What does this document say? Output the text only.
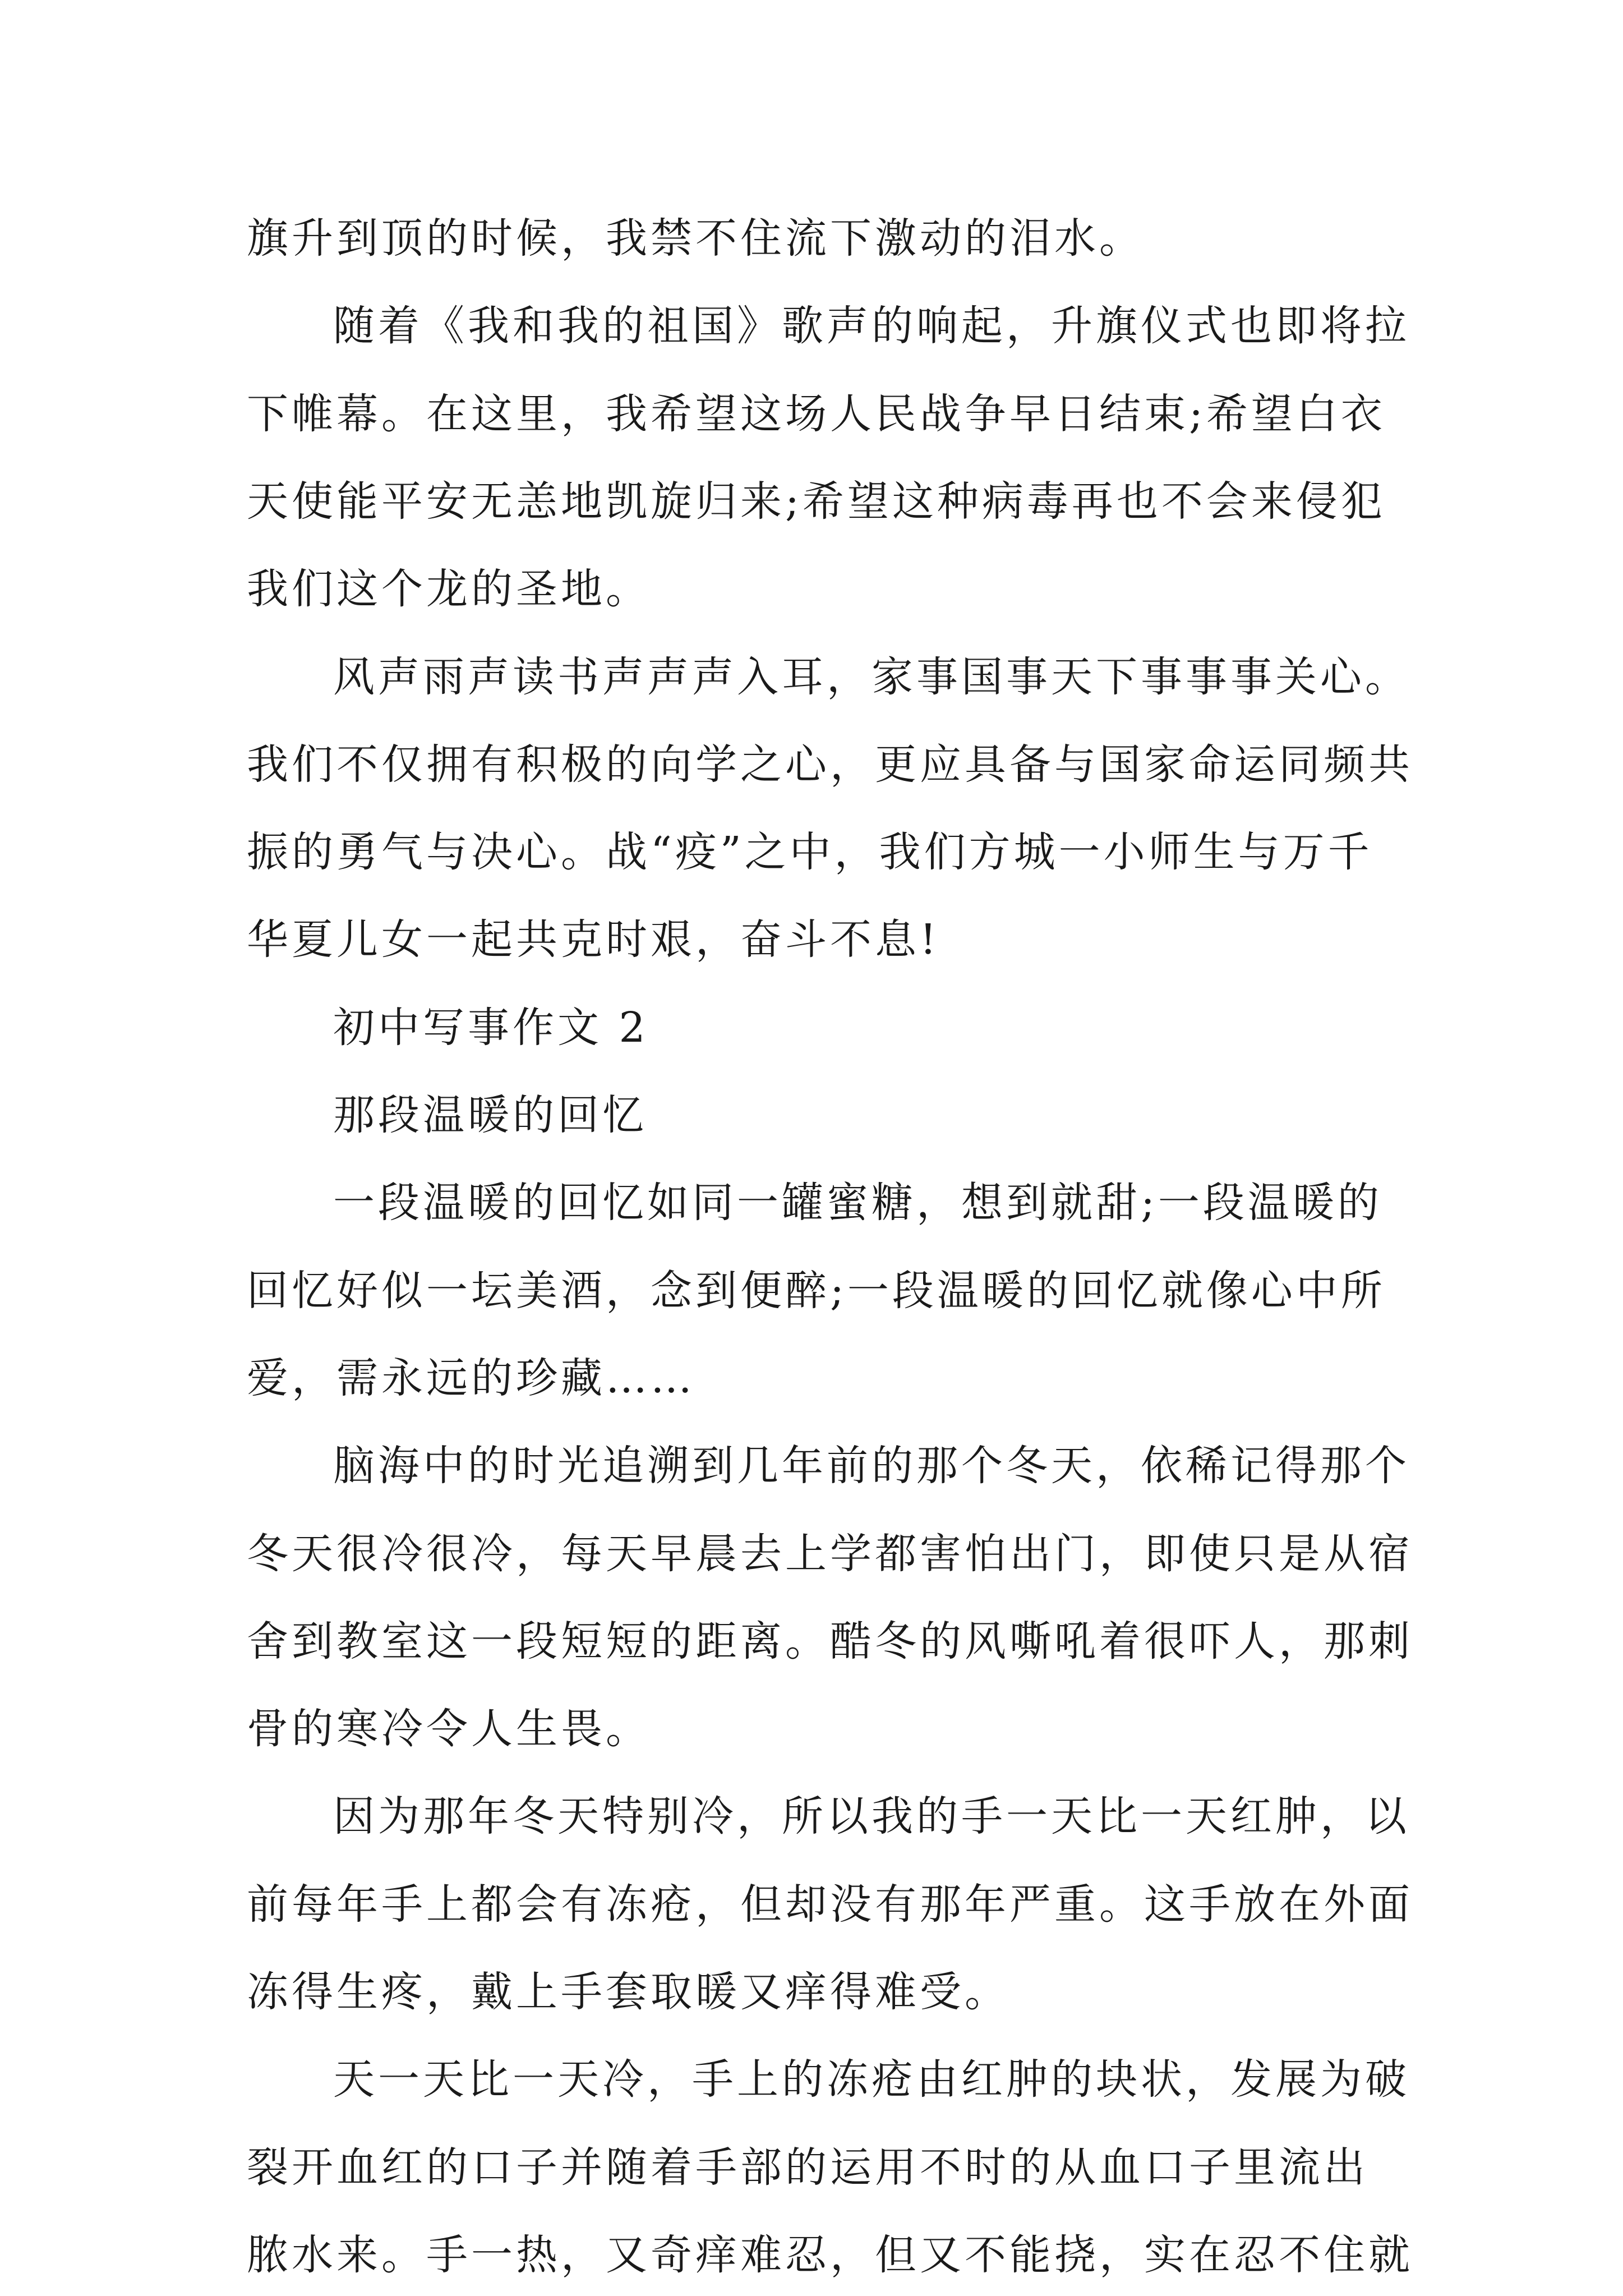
旗升到顶的时候，我禁不住流下激动的泪水。

随着《我和我的祖国》歌声的响起，升旗仪式也即将拉

下帷幕。在这里，我希望这场人民战争早日结束;希望白衣

天使能平安无恙地凯旋归来;希望这种病毒再也不会来侵犯

我们这个龙的圣地。

风声雨声读书声声声入耳，家事国事天下事事事关心。

我们不仅拥有积极的向学之心，更应具备与国家命运同频共

振的勇气与决心。战“疫”之中，我们方城一小师生与万千

华夏儿女一起共克时艰，奋斗不息!

初中写事作文 2

那段温暖的回忆

一段温暖的回忆如同一罐蜜糖，想到就甜;一段温暖的

回忆好似一坛美酒，念到便醉;一段温暖的回忆就像心中所

爱，需永远的珍藏……

脑海中的时光追溯到几年前的那个冬天，依稀记得那个

冬天很冷很冷，每天早晨去上学都害怕出门，即使只是从宿

舍到教室这一段短短的距离。酷冬的风嘶吼着很吓人，那刺

骨的寒冷令人生畏。

因为那年冬天特别冷，所以我的手一天比一天红肿，以

前每年手上都会有冻疮，但却没有那年严重。这手放在外面

冻得生疼，戴上手套取暖又痒得难受。

天一天比一天冷，手上的冻疮由红肿的块状，发展为破

裂开血红的口子并随着手部的运用不时的从血口子里流出

脓水来。手一热，又奇痒难忍，但又不能挠，实在忍不住就
